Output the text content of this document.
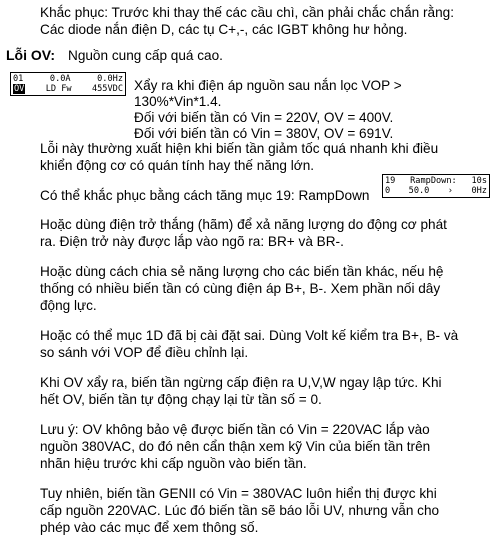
Khắc phục: Trước khi thay thế các cầu chì, cần phải chắc chắn rằng:

Các diode nắn điện D, các tụ C+,-, các IGBT không hư hỏng.

Lỗi OV: Nguồn cung cấp quá cao.

01	0.0A	0.0Hz
OV LD Fw 455VDC Xẩy ra khi điện áp nguồn sau nắn lọc VOP >

130%*Vin*1.4.

Đối với biến tần có Vin = 220V, OV = 400V.

Đối với biến tần có Vin = 380V, OV = 691V.

Lỗi này thường xuất hiện khi biến tần giảm tốc quá nhanh khi điều

khiển động cơ có quán tính hay thế năng lớn.

Có thể khắc phục bằng cách tăng mục 19: RampDown

19 RampDown: 10s
0 50.0 › 0Hz

Hoặc dùng điện trở thắng (hãm) để xả năng lượng do động cơ phát

ra. Điện trở này được lắp vào ngõ ra: BR+ và BR-.

Hoặc dùng cách chia sẻ năng lượng cho các biến tần khác, nếu hệ

thống có nhiều biến tần có cùng điện áp B+, B-. Xem phần nối dây

động lực.

Hoặc có thể mục 1D đã bị cài đặt sai. Dùng Volt kế kiểm tra B+, B- và

so sánh với VOP để điều chỉnh lại.

Khi OV xẩy ra, biến tần ngừng cấp điện ra U,V,W ngay lập tức. Khi

hết OV, biến tần tự động chạy lại từ tần số = 0.

Lưu ý: OV không bảo vệ được biến tần có Vin = 220VAC lắp vào

nguồn 380VAC, do đó nên cẩn thận xem kỹ Vin của biến tần trên

nhãn hiệu trước khi cấp nguồn vào biến tần.

Tuy nhiên, biến tần GENII có Vin = 380VAC luôn hiển thị được khi

cấp nguồn 220VAC. Lúc đó biến tần sẽ báo lỗi UV, nhưng vẫn cho

phép vào các mục để xem thông số.
